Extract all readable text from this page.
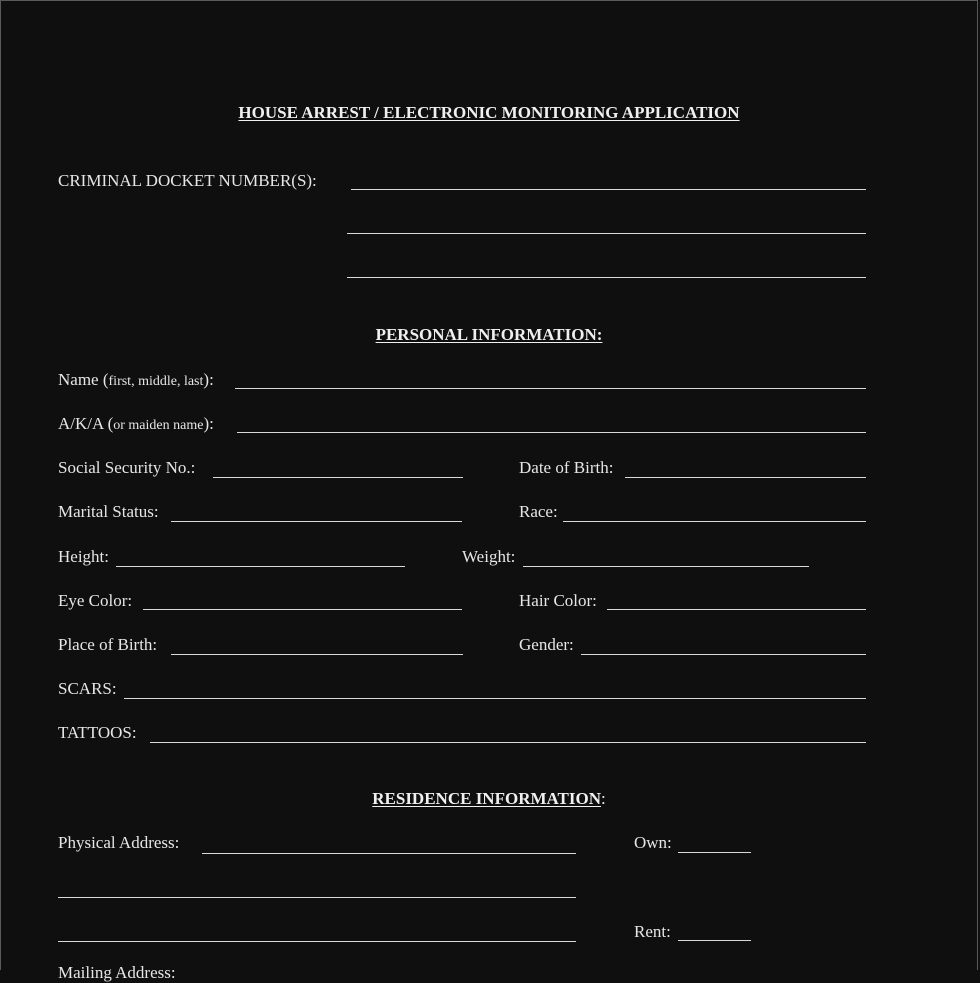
HOUSE ARREST / ELECTRONIC MONITORING APPLICATION
CRIMINAL DOCKET NUMBER(S):
PERSONAL INFORMATION:
Name (first, middle, last):
A/K/A (or maiden name):
Social Security No.:	Date of Birth:
Marital Status:	Race:
Height:	Weight:
Eye Color:	Hair Color:
Place of Birth:	Gender:
SCARS:
TATTOOS:
RESIDENCE INFORMATION:
Physical Address:	Own:
Rent:
Mailing Address:
